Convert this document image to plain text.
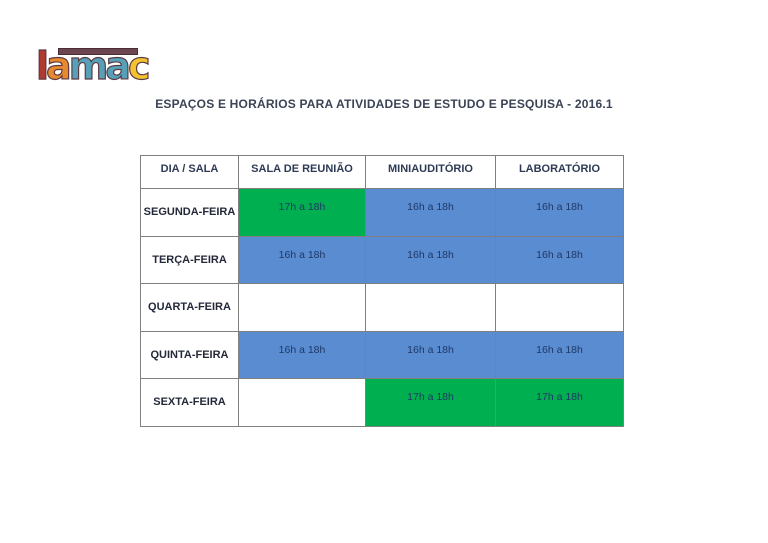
lamac
ESPAÇOS E HORÁRIOS PARA ATIVIDADES DE ESTUDO E PESQUISA - 2016.1
DIA / SALA	SALA DE REUNIÃO	MINIAUDITÓRIO	LABORATÓRIO
SEGUNDA-FEIRA	17h a 18h	16h a 18h	16h a 18h
TERÇA-FEIRA	16h a 18h	16h a 18h	16h a 18h
QUARTA-FEIRA			
QUINTA-FEIRA	16h a 18h	16h a 18h	16h a 18h
SEXTA-FEIRA		17h a 18h	17h a 18h
